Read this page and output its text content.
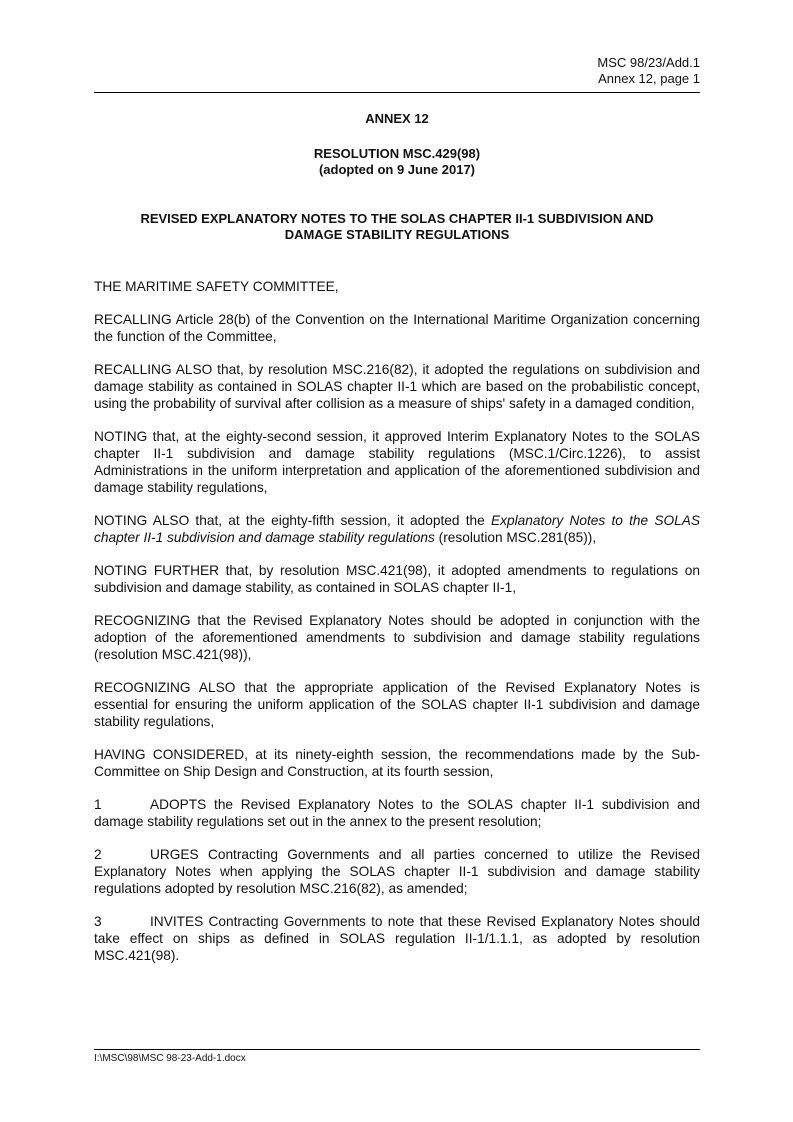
MSC 98/23/Add.1
Annex 12, page 1
ANNEX 12
RESOLUTION MSC.429(98)
(adopted on 9 June 2017)
REVISED EXPLANATORY NOTES TO THE SOLAS CHAPTER II-1 SUBDIVISION AND
DAMAGE STABILITY REGULATIONS

THE MARITIME SAFETY COMMITTEE,

RECALLING Article 28(b) of the Convention on the International Maritime Organization concerning the function of the Committee,

RECALLING ALSO that, by resolution MSC.216(82), it adopted the regulations on subdivision and damage stability as contained in SOLAS chapter II-1 which are based on the probabilistic concept, using the probability of survival after collision as a measure of ships' safety in a damaged condition,

NOTING that, at the eighty-second session, it approved Interim Explanatory Notes to the SOLAS chapter II-1 subdivision and damage stability regulations (MSC.1/Circ.1226), to assist Administrations in the uniform interpretation and application of the aforementioned subdivision and damage stability regulations,

NOTING ALSO that, at the eighty-fifth session, it adopted the Explanatory Notes to the SOLAS chapter II-1 subdivision and damage stability regulations (resolution MSC.281(85)),

NOTING FURTHER that, by resolution MSC.421(98), it adopted amendments to regulations on subdivision and damage stability, as contained in SOLAS chapter II-1,

RECOGNIZING that the Revised Explanatory Notes should be adopted in conjunction with the adoption of the aforementioned amendments to subdivision and damage stability regulations (resolution MSC.421(98)),

RECOGNIZING ALSO that the appropriate application of the Revised Explanatory Notes is essential for ensuring the uniform application of the SOLAS chapter II-1 subdivision and damage stability regulations,

HAVING CONSIDERED, at its ninety-eighth session, the recommendations made by the Sub-Committee on Ship Design and Construction, at its fourth session,

1	ADOPTS the Revised Explanatory Notes to the SOLAS chapter II-1 subdivision and damage stability regulations set out in the annex to the present resolution;

2	URGES Contracting Governments and all parties concerned to utilize the Revised Explanatory Notes when applying the SOLAS chapter II-1 subdivision and damage stability regulations adopted by resolution MSC.216(82), as amended;

3	INVITES Contracting Governments to note that these Revised Explanatory Notes should take effect on ships as defined in SOLAS regulation II-1/1.1.1, as adopted by resolution MSC.421(98).

I:\MSC\98\MSC 98-23-Add-1.docx
